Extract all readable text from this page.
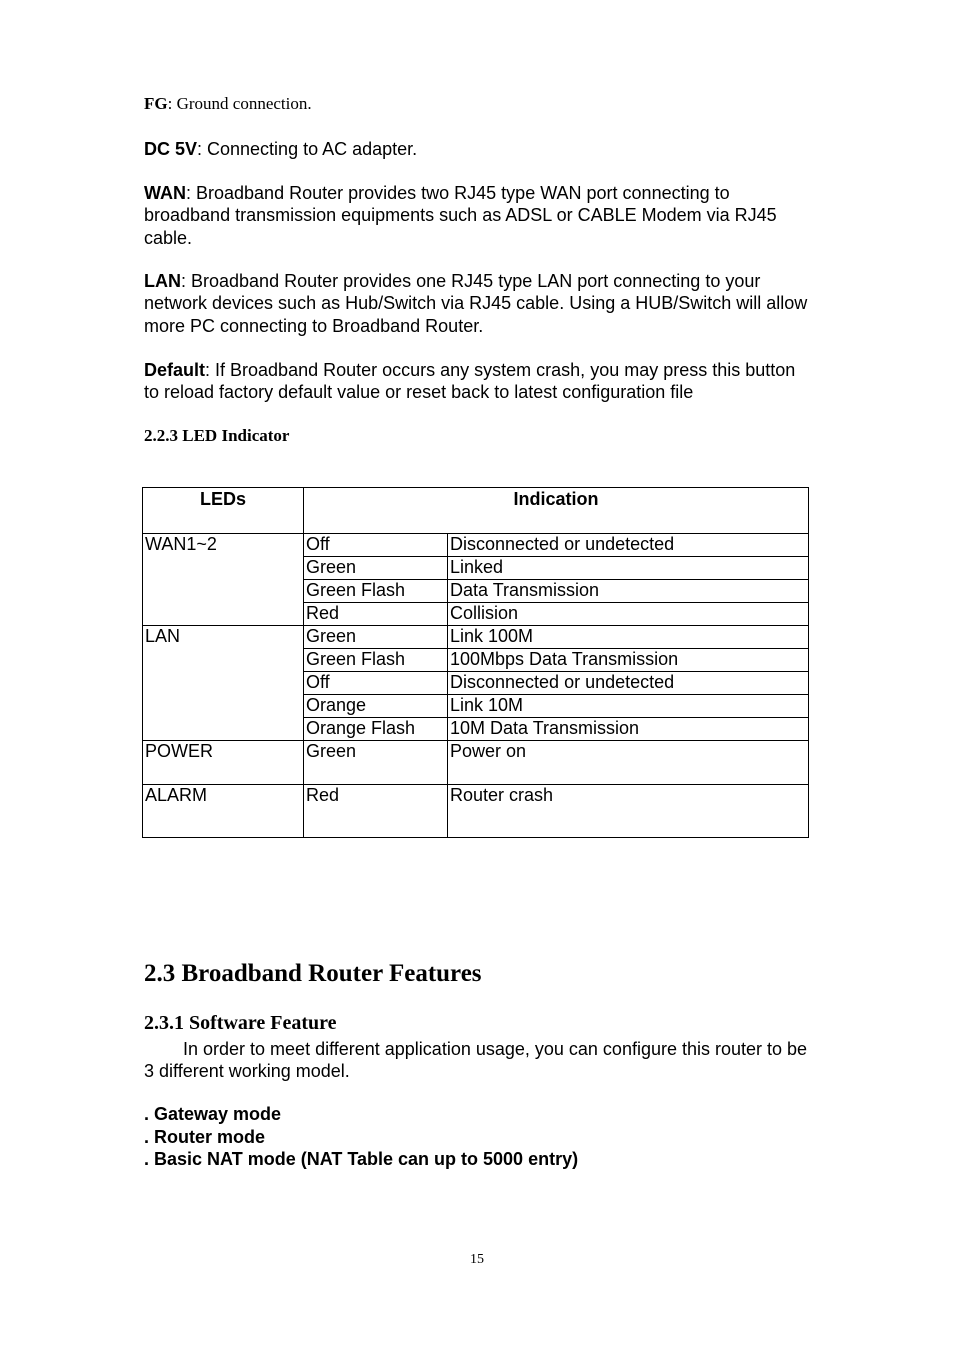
FG: Ground connection.
DC 5V: Connecting to AC adapter.
WAN: Broadband Router provides two RJ45 type WAN port connecting to broadband transmission equipments such as ADSL or CABLE Modem via RJ45 cable.
LAN: Broadband Router provides one RJ45 type LAN port connecting to your network devices such as Hub/Switch via RJ45 cable. Using a HUB/Switch will allow more PC connecting to Broadband Router.
Default: If Broadband Router occurs any system crash, you may press this button to reload factory default value or reset back to latest configuration file
2.2.3 LED Indicator
LEDs	Indication	
WAN1~2	Off	Disconnected or undetected
	Green	Linked
	Green Flash	Data Transmission
	Red	Collision
LAN	Green	Link 100M
	Green Flash	100Mbps Data Transmission
	Off	Disconnected or undetected
	Orange	Link 10M
	Orange Flash	10M Data Transmission
POWER	Green	Power on
ALARM	Red	Router crash
2.3 Broadband Router Features
2.3.1 Software Feature
In order to meet different application usage, you can configure this router to be 3 different working model.
. Gateway mode
. Router mode
. Basic NAT mode (NAT Table can up to 5000 entry)
15
